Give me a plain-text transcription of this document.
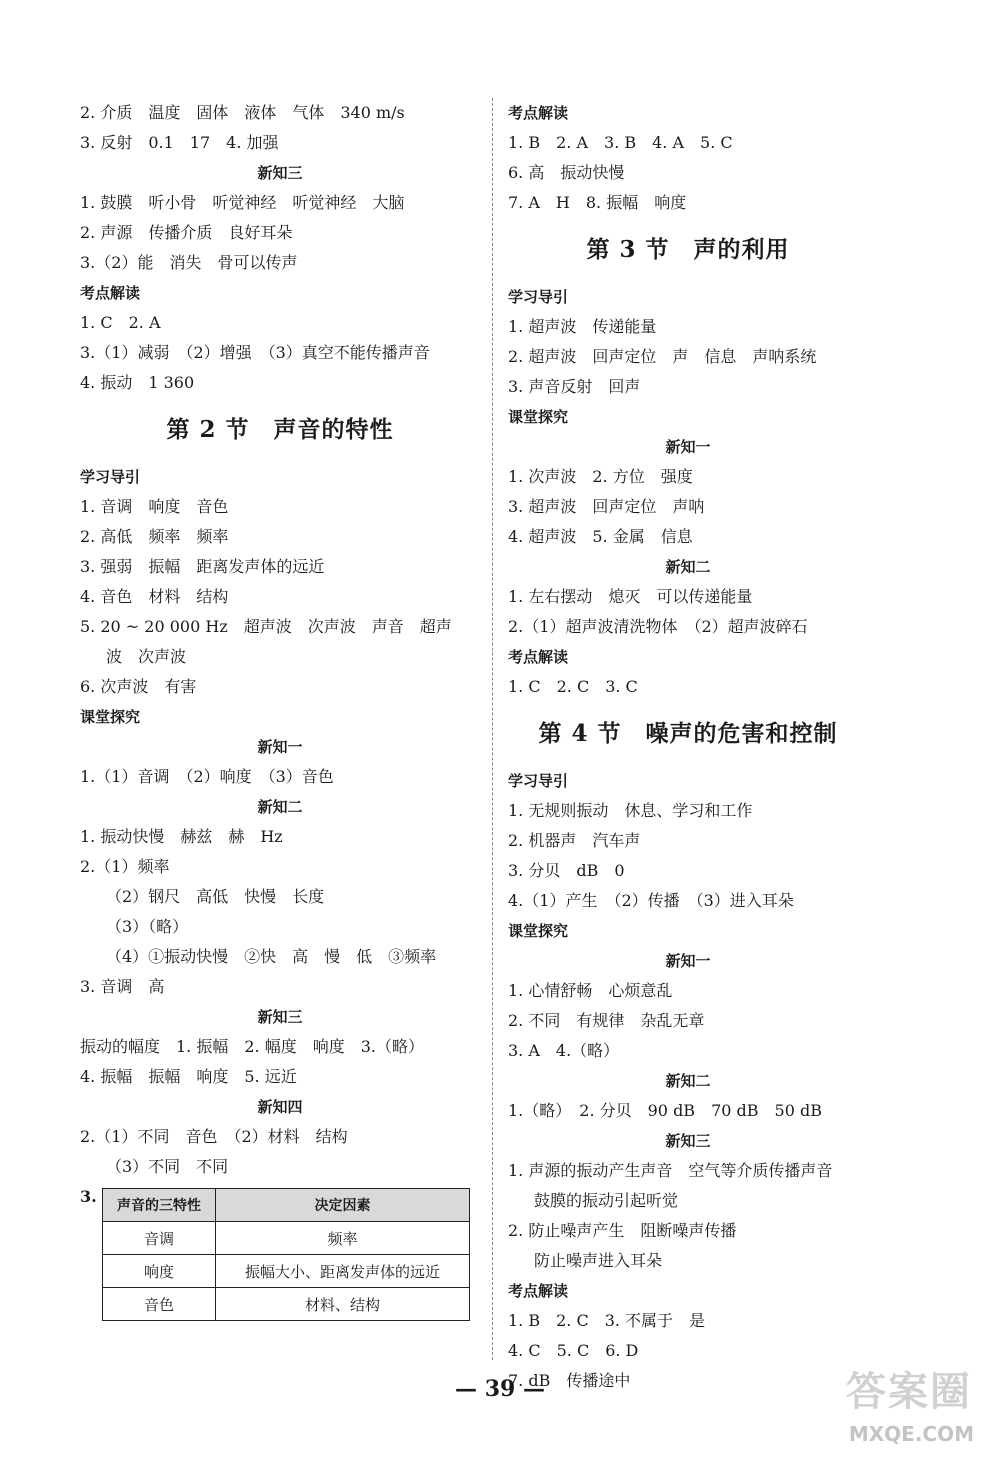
2. 介质　温度　固体　液体　气体　340 m/s
3. 反射　0.1　17　4. 加强
新知三
1. 鼓膜　听小骨　听觉神经　听觉神经　大脑
2. 声源　传播介质　良好耳朵
3.（2）能　消失　骨可以传声
考点解读
1. C　2. A
3.（1）减弱　（2）增强　（3）真空不能传播声音
4. 振动　1 360
第 2 节　声音的特性
学习导引
1. 音调　响度　音色
2. 高低　频率　频率
3. 强弱　振幅　距离发声体的远近
4. 音色　材料　结构
5. 20 ~ 20 000 Hz　超声波　次声波　声音　超声
波　次声波
6. 次声波　有害
课堂探究
新知一
1.（1）音调　（2）响度　（3）音色
新知二
1. 振动快慢　赫兹　赫　Hz
2.（1）频率
（2）钢尺　高低　快慢　长度
（3）（略）
（4）①振动快慢　②快　高　慢　低　③频率
3. 音调　高
新知三
振动的幅度　1. 振幅　2. 幅度　响度　3.（略）
4. 振幅　振幅　响度　5. 远近
新知四
2.（1）不同　音色　（2）材料　结构
（3）不同　不同
3. 声音的三特性	决定因素
音调	频率
响度	振幅大小、距离发声体的远近
音色	材料、结构
考点解读
1. B　2. A　3. B　4. A　5. C
6. 高　振动快慢
7. A　H　8. 振幅　响度
第 3 节　声的利用
学习导引
1. 超声波　传递能量
2. 超声波　回声定位　声　信息　声呐系统
3. 声音反射　回声
课堂探究
新知一
1. 次声波　2. 方位　强度
3. 超声波　回声定位　声呐
4. 超声波　5. 金属　信息
新知二
1. 左右摆动　熄灭　可以传递能量
2.（1）超声波清洗物体　（2）超声波碎石
考点解读
1. C　2. C　3. C
第 4 节　噪声的危害和控制
学习导引
1. 无规则振动　休息、学习和工作
2. 机器声　汽车声
3. 分贝　dB　0
4.（1）产生　（2）传播　（3）进入耳朵
课堂探究
新知一
1. 心情舒畅　心烦意乱
2. 不同　有规律　杂乱无章
3. A　4.（略）
新知二
1.（略）　2. 分贝　90 dB　70 dB　50 dB
新知三
1. 声源的振动产生声音　空气等介质传播声音
鼓膜的振动引起听觉
2. 防止噪声产生　阻断噪声传播
防止噪声进入耳朵
考点解读
1. B　2. C　3. 不属于　是
4. C　5. C　6. D
7. dB　传播途中
— 39 —	答案圈
MXQE.COM
